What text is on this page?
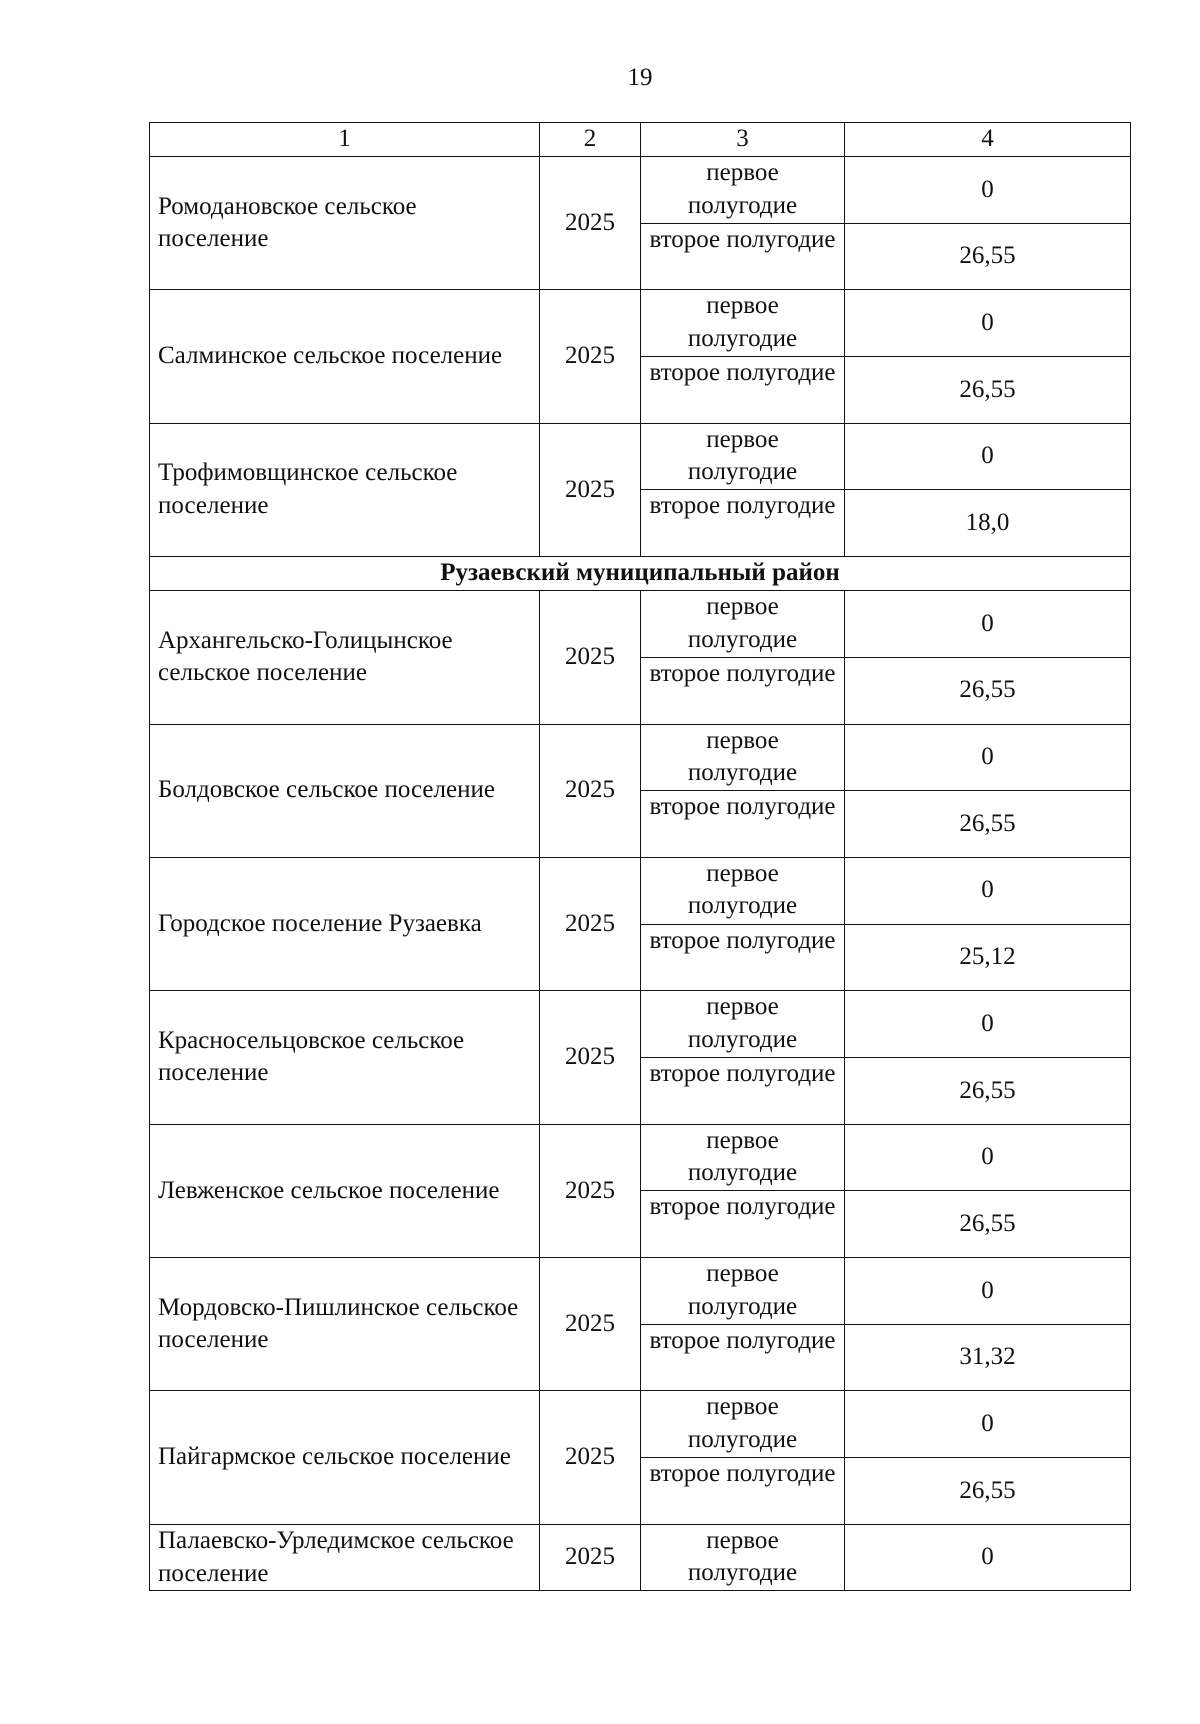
19
1	2	3	4
Ромодановское сельское поселение	2025	первое полугодие	0
		второе полугодие	26,55
Салминское сельское поселение	2025	первое полугодие	0
		второе полугодие	26,55
Трофимовщинское сельское поселение	2025	первое полугодие	0
		второе полугодие	18,0
Рузаевский муниципальный район			
Архангельско-Голицынское сельское поселение	2025	первое полугодие	0
		второе полугодие	26,55
Болдовское сельское поселение	2025	первое полугодие	0
		второе полугодие	26,55
Городское поселение Рузаевка	2025	первое полугодие	0
		второе полугодие	25,12
Красносельцовское сельское поселение	2025	первое полугодие	0
		второе полугодие	26,55
Левженское сельское поселение	2025	первое полугодие	0
		второе полугодие	26,55
Мордовско-Пишлинское сельское поселение	2025	первое полугодие	0
		второе полугодие	31,32
Пайгармское сельское поселение	2025	первое полугодие	0
		второе полугодие	26,55
Палаевско-Урледимское сельское поселение	2025	первое полугодие	0
